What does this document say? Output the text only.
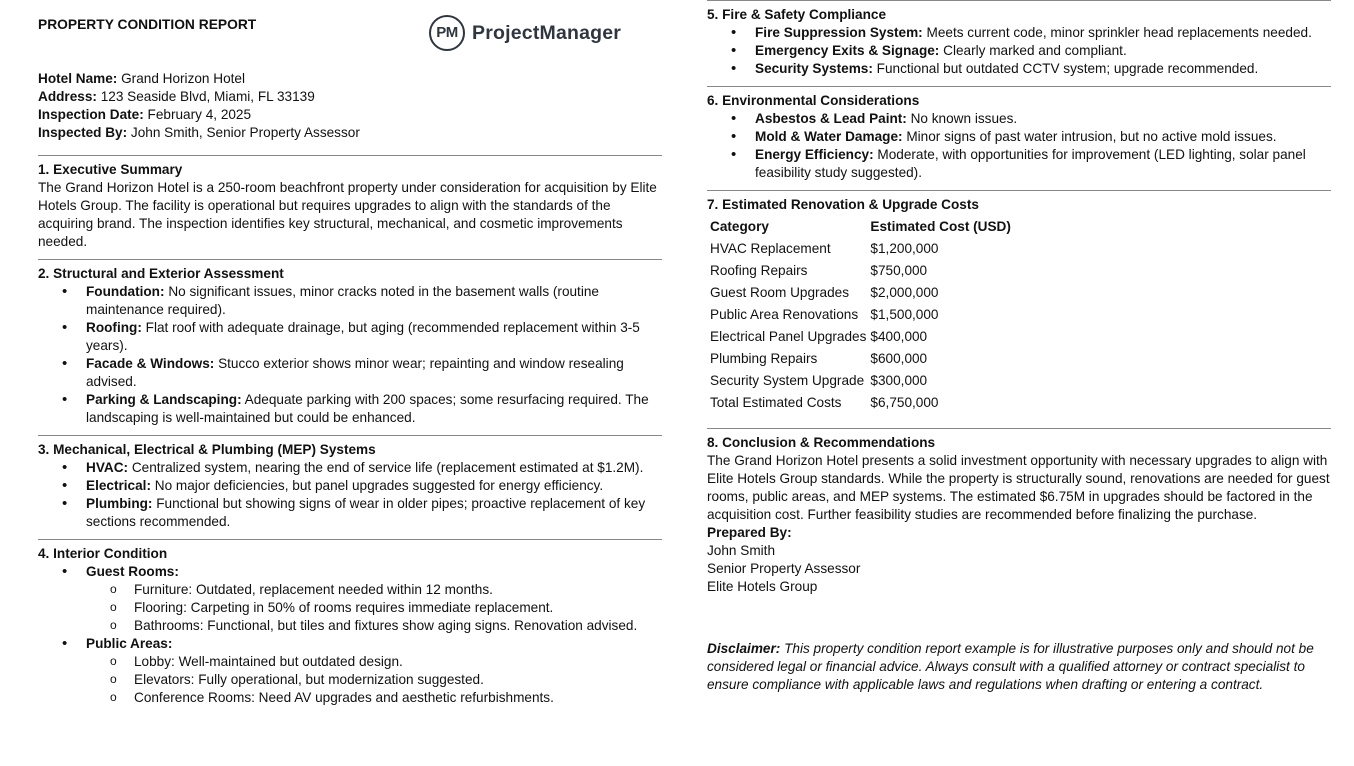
PROPERTY CONDITION REPORT	PM ProjectManager
Hotel Name: Grand Horizon Hotel
Address: 123 Seaside Blvd, Miami, FL 33139
Inspection Date: February 4, 2025
Inspected By: John Smith, Senior Property Assessor
1. Executive Summary
The Grand Horizon Hotel is a 250-room beachfront property under consideration for acquisition by Elite Hotels Group. The facility is operational but requires upgrades to align with the standards of the acquiring brand. The inspection identifies key structural, mechanical, and cosmetic improvements needed.
2. Structural and Exterior Assessment
• Foundation: No significant issues, minor cracks noted in the basement walls (routine maintenance required).
• Roofing: Flat roof with adequate drainage, but aging (recommended replacement within 3-5 years).
• Facade & Windows: Stucco exterior shows minor wear; repainting and window resealing advised.
• Parking & Landscaping: Adequate parking with 200 spaces; some resurfacing required. The landscaping is well-maintained but could be enhanced.
3. Mechanical, Electrical & Plumbing (MEP) Systems
• HVAC: Centralized system, nearing the end of service life (replacement estimated at $1.2M).
• Electrical: No major deficiencies, but panel upgrades suggested for energy efficiency.
• Plumbing: Functional but showing signs of wear in older pipes; proactive replacement of key sections recommended.
4. Interior Condition
• Guest Rooms:
o Furniture: Outdated, replacement needed within 12 months.
o Flooring: Carpeting in 50% of rooms requires immediate replacement.
o Bathrooms: Functional, but tiles and fixtures show aging signs. Renovation advised.
• Public Areas:
o Lobby: Well-maintained but outdated design.
o Elevators: Fully operational, but modernization suggested.
o Conference Rooms: Need AV upgrades and aesthetic refurbishments.
5. Fire & Safety Compliance
• Fire Suppression System: Meets current code, minor sprinkler head replacements needed.
• Emergency Exits & Signage: Clearly marked and compliant.
• Security Systems: Functional but outdated CCTV system; upgrade recommended.
6. Environmental Considerations
• Asbestos & Lead Paint: No known issues.
• Mold & Water Damage: Minor signs of past water intrusion, but no active mold issues.
• Energy Efficiency: Moderate, with opportunities for improvement (LED lighting, solar panel feasibility study suggested).
7. Estimated Renovation & Upgrade Costs
Category	Estimated Cost (USD)
HVAC Replacement	$1,200,000
Roofing Repairs	$750,000
Guest Room Upgrades	$2,000,000
Public Area Renovations	$1,500,000
Electrical Panel Upgrades	$400,000
Plumbing Repairs	$600,000
Security System Upgrade	$300,000
Total Estimated Costs	$6,750,000
8. Conclusion & Recommendations
The Grand Horizon Hotel presents a solid investment opportunity with necessary upgrades to align with Elite Hotels Group standards. While the property is structurally sound, renovations are needed for guest rooms, public areas, and MEP systems. The estimated $6.75M in upgrades should be factored in the acquisition cost. Further feasibility studies are recommended before finalizing the purchase.
Prepared By:
John Smith
Senior Property Assessor
Elite Hotels Group
Disclaimer: This property condition report example is for illustrative purposes only and should not be considered legal or financial advice. Always consult with a qualified attorney or contract specialist to ensure compliance with applicable laws and regulations when drafting or entering a contract.
